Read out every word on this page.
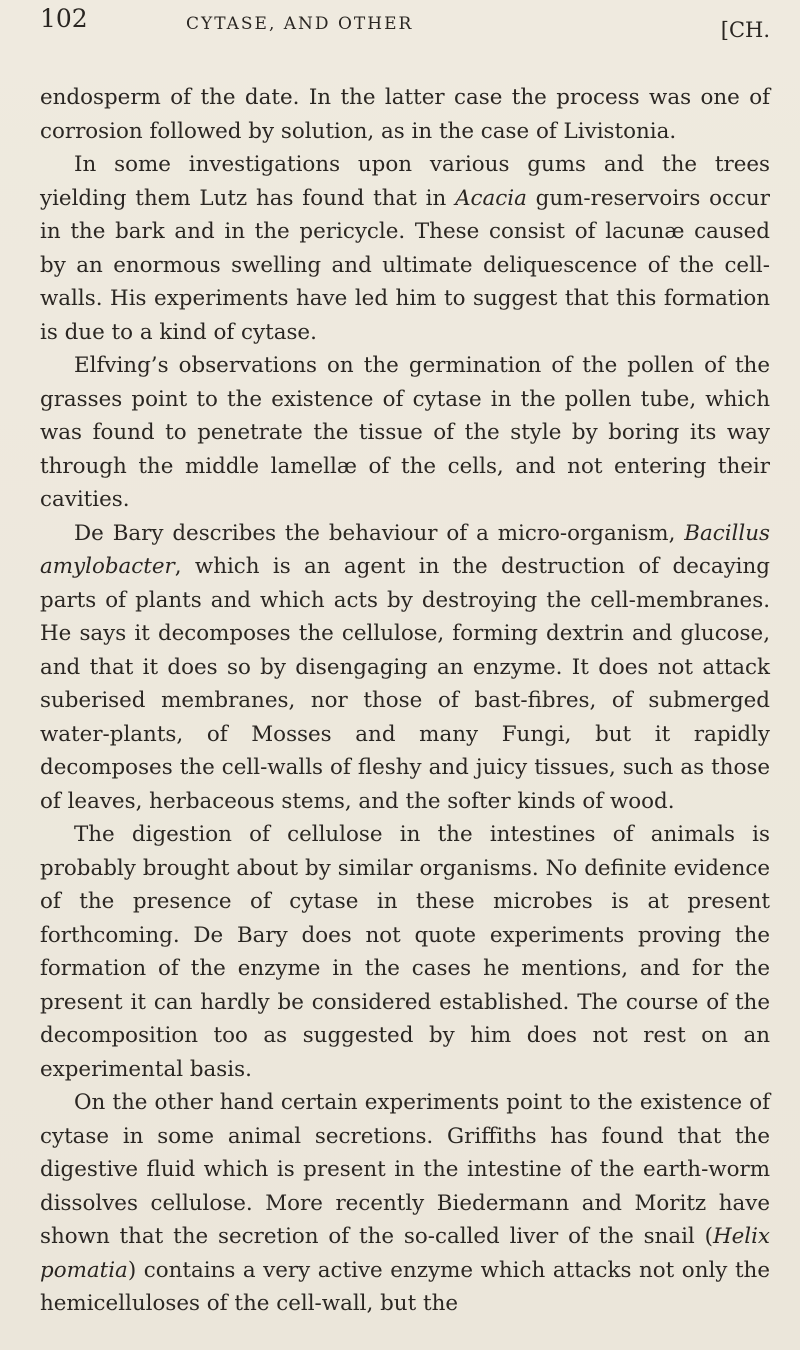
102	CYTASE, AND OTHER	[CH.

endosperm of the date. In the latter case the process was one of corrosion followed by solution, as in the case of Livistonia.

In some investigations upon various gums and the trees yielding them Lutz has found that in Acacia gum-reservoirs occur in the bark and in the pericycle. These consist of lacunæ caused by an enormous swelling and ultimate deliquescence of the cell-walls. His experiments have led him to suggest that this formation is due to a kind of cytase.

Elfving’s observations on the germination of the pollen of the grasses point to the existence of cytase in the pollen tube, which was found to penetrate the tissue of the style by boring its way through the middle lamellæ of the cells, and not entering their cavities.

De Bary describes the behaviour of a micro-organism, Bacillus amylobacter, which is an agent in the destruction of decaying parts of plants and which acts by destroying the cell-membranes. He says it decomposes the cellulose, forming dextrin and glucose, and that it does so by disengaging an enzyme. It does not attack suberised membranes, nor those of bast-fibres, of submerged water-plants, of Mosses and many Fungi, but it rapidly decomposes the cell-walls of fleshy and juicy tissues, such as those of leaves, herbaceous stems, and the softer kinds of wood.

The digestion of cellulose in the intestines of animals is probably brought about by similar organisms. No definite evidence of the presence of cytase in these microbes is at present forthcoming. De Bary does not quote experiments proving the formation of the enzyme in the cases he mentions, and for the present it can hardly be considered established. The course of the decomposition too as suggested by him does not rest on an experimental basis.

On the other hand certain experiments point to the existence of cytase in some animal secretions. Griffiths has found that the digestive fluid which is present in the intestine of the earth-worm dissolves cellulose. More recently Biedermann and Moritz have shown that the secretion of the so-called liver of the snail (Helix pomatia) contains a very active enzyme which attacks not only the hemicelluloses of the cell-wall, but the
